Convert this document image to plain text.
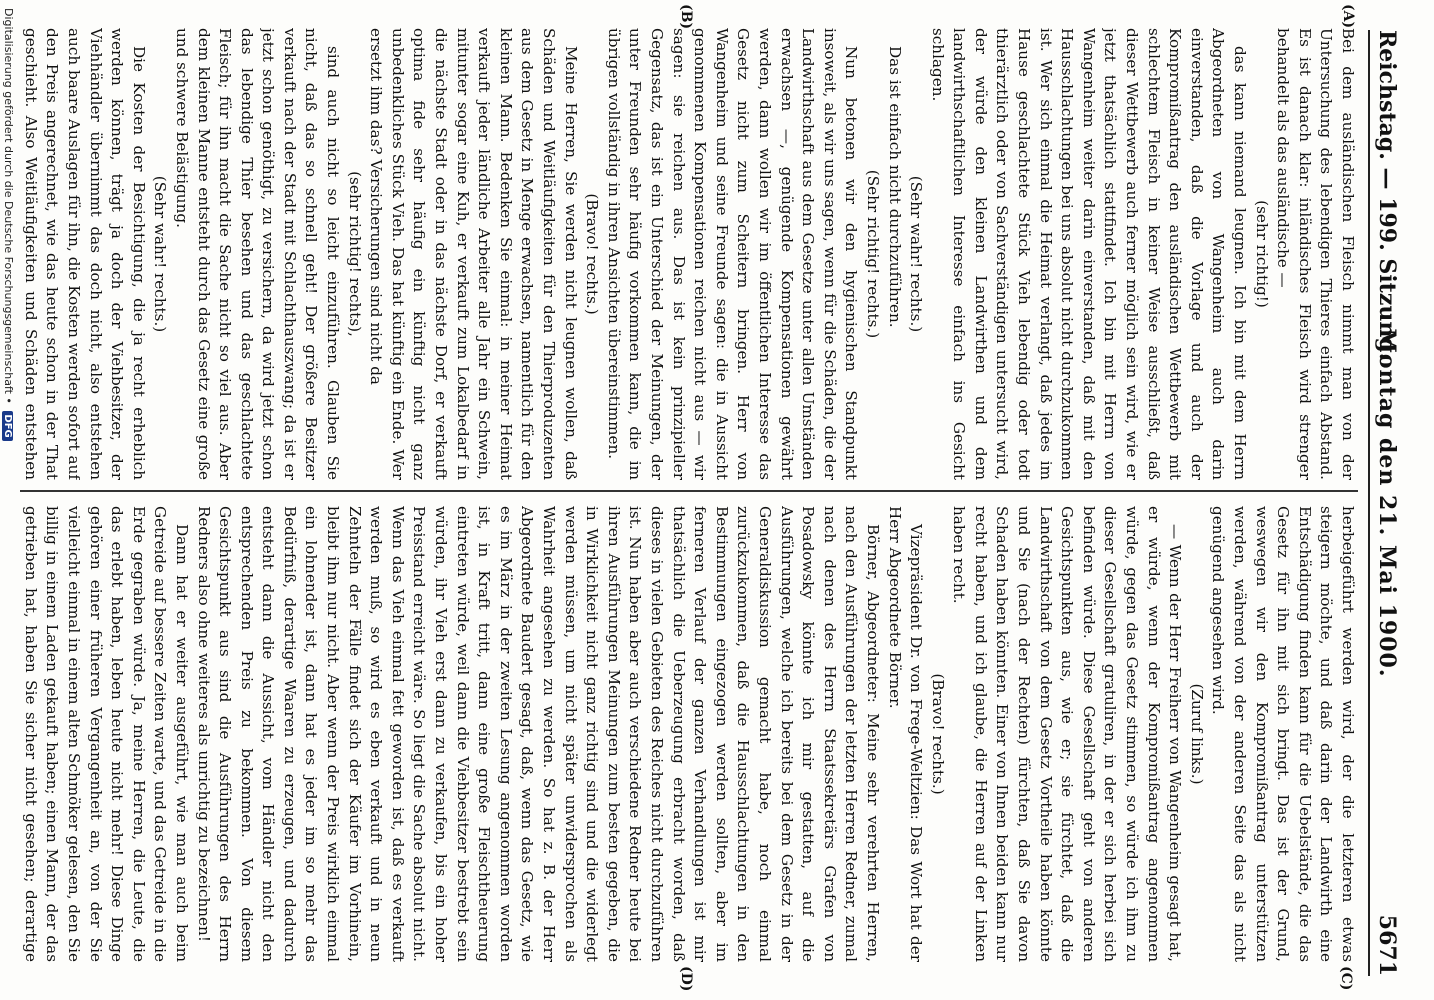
Reichstag. — 199. Sitzung.
Montag den 21. Mai 1900.
5671
(A)
(B)
(C)
(D)

Bei dem ausländischen Fleisch nimmt man von der Untersuchung des lebendigen Thieres einfach Abstand. Es ist danach klar: inländisches Fleisch wird strenger behandelt als das ausländische —

(sehr richtig!)

das kann niemand leugnen. Ich bin mit dem Herrn Abgeordneten von Wangenheim auch darin einverstanden, daß die Vorlage und auch der Kompromißantrag den ausländischen Wettbewerb mit schlechtem Fleisch in keiner Weise ausschließt, daß dieser Wettbewerb auch ferner möglich sein wird, wie er jetzt thatsächlich stattfindet. Ich bin mit Herrn von Wangenheim weiter darin einverstanden, daß mit den Hausschlachtungen bei uns absolut nicht durchzukommen ist. Wer sich einmal die Heimat verlangt, daß jedes im Hause geschlachtete Stück Vieh lebendig oder todt thierärztlich oder von Sachverständigen untersucht wird, der würde den kleinen Landwirthen und dem landwirthschaftlichen Interesse einfach ins Gesicht schlagen.

(Sehr wahr! rechts.)

Das ist einfach nicht durchzuführen.

(Sehr richtig! rechts.)

Nun betonen wir den hygienischen Standpunkt insoweit, als wir uns sagen, wenn für die Schäden, die der Landwirthschaft aus dem Gesetze unter allen Umständen erwachsen —, genügende Kompensationen gewährt werden, dann wollen wir im öffentlichen Interesse das Gesetz nicht zum Scheitern bringen. Herr von Wangenheim und seine Freunde sagen: die in Aussicht genommenen Kompensationen reichen nicht aus — wir sagen: sie reichen aus. Das ist kein prinzipieller Gegensatz, das ist ein Unterschied der Meinungen, der unter Freunden sehr häufig vorkommen kann, die im übrigen vollständig in ihren Ansichten übereinstimmen.

(Bravo! rechts.)

Meine Herren, Sie werden nicht leugnen wollen, daß Schäden und Weitläufigkeiten für den Thierproduzenten aus dem Gesetz in Menge erwachsen, namentlich für den kleinen Mann. Bedenken Sie einmal: in meiner Heimat verkauft jeder ländliche Arbeiter alle Jahr ein Schwein, mitunter sogar eine Kuh, er verkauft zum Lokalbedarf in die nächste Stadt oder in das nächste Dorf, er verkauft optima fide sehr häufig ein künftig nicht ganz unbedenkliches Stück Vieh. Das hat künftig ein Ende. Wer ersetzt ihm das? Versicherungen sind nicht da

(sehr richtig! rechts),

sind auch nicht so leicht einzuführen. Glauben Sie nicht, daß das so schnell geht! Der größere Besitzer verkauft nach der Stadt mit Schlachthauszwang; da ist er jetzt schon genöthigt, zu versichern, da wird jetzt schon das lebendige Thier besehen und das geschlachtete Fleisch; für ihn macht die Sache nicht so viel aus. Aber dem kleinen Manne entsteht durch das Gesetz eine große und schwere Belästigung.

(Sehr wahr! rechts.)

Die Kosten der Besichtigung, die ja recht erheblich werden können, trägt ja doch der Viehbesitzer, der Viehhändler übernimmt das doch nicht, also entstehen auch baare Auslagen für ihn, die Kosten werden sofort auf den Preis angerechnet, wie das heute schon in der That geschieht. Also Weitläufigkeiten und Schäden entstehen

herbeigeführt werden wird, der die letzteren etwas steigern möchte, und daß darin der Landwirth eine Entschädigung finden kann für die Uebelstände, die das Gesetz für ihn mit sich bringt. Das ist der Grund, weswegen wir den Kompromißantrag unterstützen werden, während von der anderen Seite das als nicht genügend angesehen wird.

(Zuruf links.)

— Wenn der Herr Freiherr von Wangenheim gesagt hat, er würde, wenn der Kompromißantrag angenommen würde, gegen das Gesetz stimmen, so würde ich ihm zu dieser Gesellschaft gratuliren, in der er sich herbei sich befinden würde. Diese Gesellschaft geht von anderen Gesichtspunkten aus, wie er; sie fürchtet, daß die Landwirthschaft von dem Gesetz Vortheile haben könnte und Sie (nach der Rechten) fürchten, daß Sie davon Schaden haben könnten. Einer von Ihnen beiden kann nur recht haben, und ich glaube, die Herren auf der Linken haben recht.

(Bravo! rechts.)

Vizepräsident Dr. von Frege-Weltzien: Das Wort hat der Herr Abgeordnete Börner.

Börner, Abgeordneter: Meine sehr verehrten Herren, nach den Ausführungen der letzten Herren Redner, zumal nach denen des Herrn Staatssekretärs Grafen von Posadowsky könnte ich mir gestatten, auf die Ausführungen, welche ich bereits bei dem Gesetz in der Generaldiskussion gemacht habe, noch einmal zurückzukommen, daß die Hausschlachtungen in den Bestimmungen eingezogen werden sollten, aber im ferneren Verlauf der ganzen Verhandlungen ist mir thatsächlich die Ueberzeugung erbracht worden, daß dieses in vielen Gebieten des Reiches nicht durchzuführen ist. Nun haben aber auch verschiedene Redner heute bei ihren Ausführungen Meinungen zum besten gegeben, die in Wirklichkeit nicht ganz richtig sind und die widerlegt werden müssen, um nicht später unwidersprochen als Wahrheit angesehen zu werden. So hat z. B. der Herr Abgeordnete Baudert gesagt, daß, wenn das Gesetz, wie es im März in der zweiten Lesung angenommen worden ist, in Kraft tritt, dann eine große Fleischtheuerung eintreten würde, weil dann die Viehbesitzer bestrebt sein würden, ihr Vieh erst dann zu verkaufen, bis ein hoher Preisstand erreicht wäre. So liegt die Sache absolut nicht. Wenn das Vieh einmal fett geworden ist, daß es verkauft werden muß, so wird es eben verkauft und in neun Zehnteln der Fälle findet sich der Käufer im Vorhinein, bleibt ihm nur nicht. Aber wenn der Preis wirklich einmal ein lohnender ist, dann hat es jeder im so mehr das Bedürfniß, derartige Waaren zu erzeugen, und dadurch entsteht dann die Aussicht, vom Händler nicht den entsprechenden Preis zu bekommen. Von diesem Gesichtspunkt aus sind die Ausführungen des Herrn Redners also ohne weiteres als unrichtig zu bezeichnen!

Dann hat er weiter ausgeführt, wie man auch beim Getreide auf bessere Zeiten warte, und das Getreide in die Erde gegraben würde. Ja, meine Herren, die Leute, die das erlebt haben, leben heute nicht mehr! Diese Dinge gehören einer früheren Vergangenheit an, von der Sie vielleicht einmal in einem alten Schmöker gelesen, den Sie billig in einem Laden gekauft haben; einen Mann, der das getrieben hat, haben Sie sicher nicht gesehen; derartige

Digitalisierung gefördert durch die Deutsche Forschungsgemeinschaft • DFG
